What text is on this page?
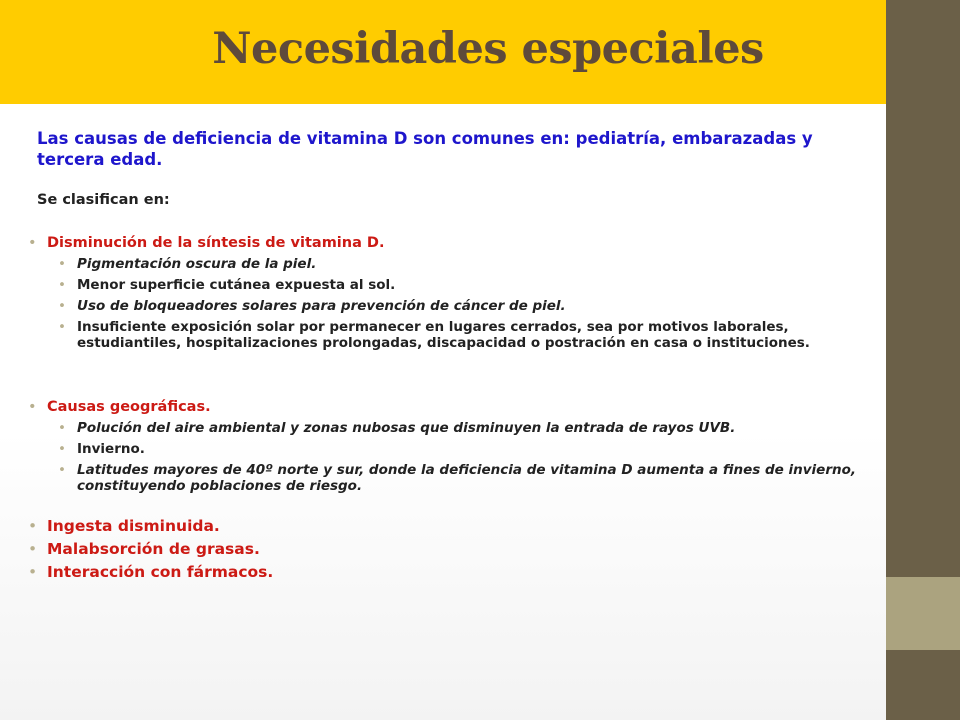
Necesidades especiales

Las causas de deficiencia de vitamina D son comunes en: pediatría, embarazadas y tercera edad.

Se clasifican en:

• Disminución de la síntesis de vitamina D.
• Pigmentación oscura de la piel.
• Menor superficie cutánea expuesta al sol.
• Uso de bloqueadores solares para prevención de cáncer de piel.
• Insuficiente exposición solar por permanecer en lugares cerrados, sea por motivos laborales, estudiantiles, hospitalizaciones prolongadas, discapacidad o postración en casa o instituciones.
• Causas geográficas.
• Polución del aire ambiental y zonas nubosas que disminuyen la entrada de rayos UVB.
• Invierno.
• Latitudes mayores de 40º norte y sur, donde la deficiencia de vitamina D aumenta a fines de invierno, constituyendo poblaciones de riesgo.
• Ingesta disminuida.
• Malabsorción de grasas.
• Interacción con fármacos.
